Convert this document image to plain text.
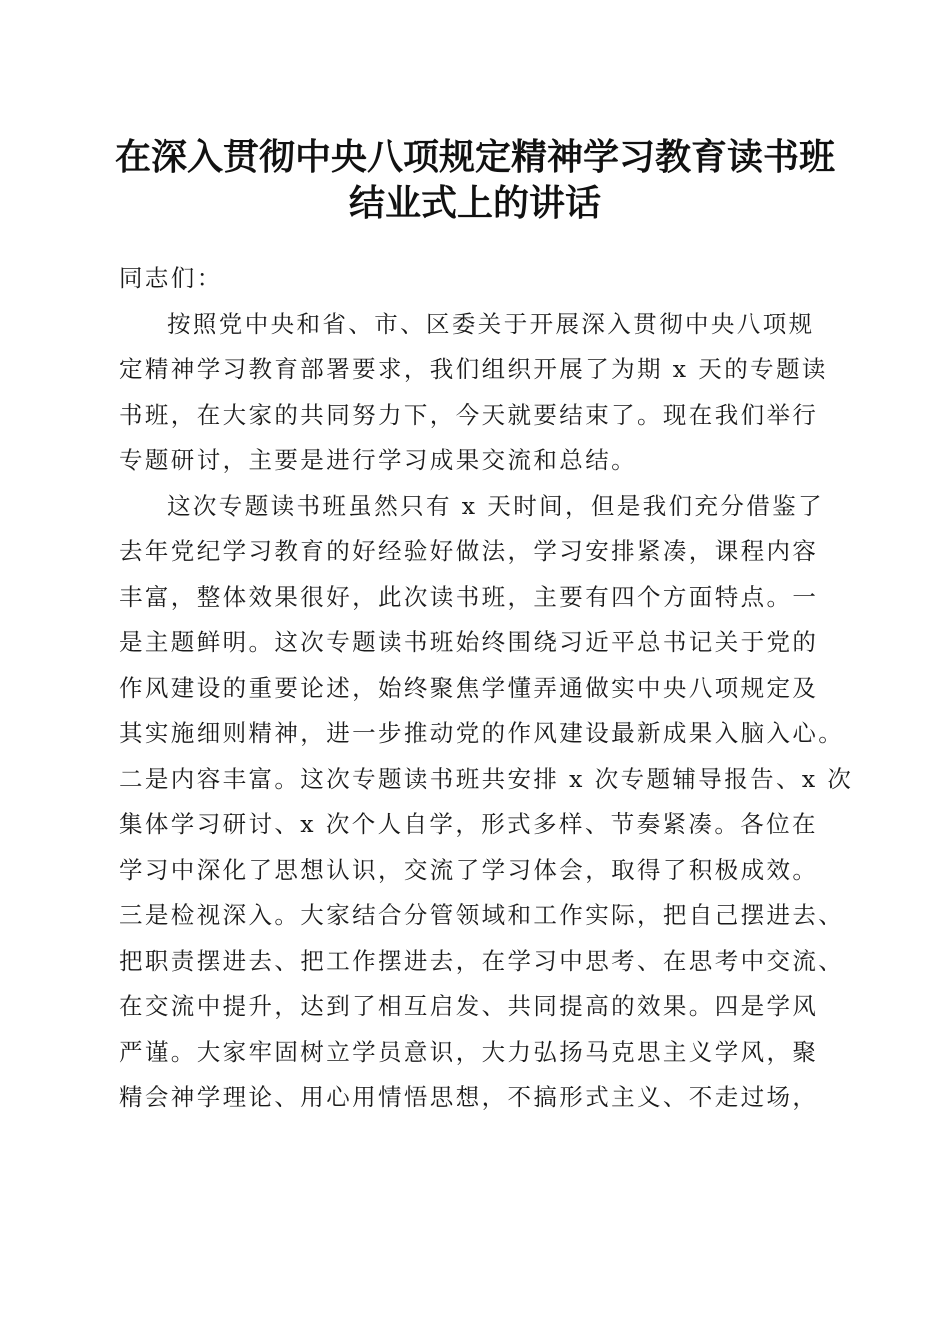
在深入贯彻中央八项规定精神学习教育读书班
结业式上的讲话
同志们：
按照党中央和省、市、区委关于开展深入贯彻中央八项规
定精神学习教育部署要求，我们组织开展了为期 x 天的专题读
书班，在大家的共同努力下，今天就要结束了。现在我们举行
专题研讨，主要是进行学习成果交流和总结。
这次专题读书班虽然只有 x 天时间，但是我们充分借鉴了
去年党纪学习教育的好经验好做法，学习安排紧凑，课程内容
丰富，整体效果很好，此次读书班，主要有四个方面特点。一
是主题鲜明。这次专题读书班始终围绕习近平总书记关于党的
作风建设的重要论述，始终聚焦学懂弄通做实中央八项规定及
其实施细则精神，进一步推动党的作风建设最新成果入脑入心。
二是内容丰富。这次专题读书班共安排 x 次专题辅导报告、x 次
集体学习研讨、x 次个人自学，形式多样、节奏紧凑。各位在
学习中深化了思想认识，交流了学习体会，取得了积极成效。
三是检视深入。大家结合分管领域和工作实际，把自己摆进去、
把职责摆进去、把工作摆进去，在学习中思考、在思考中交流、
在交流中提升，达到了相互启发、共同提高的效果。四是学风
严谨。大家牢固树立学员意识，大力弘扬马克思主义学风，聚
精会神学理论、用心用情悟思想，不搞形式主义、不走过场，
